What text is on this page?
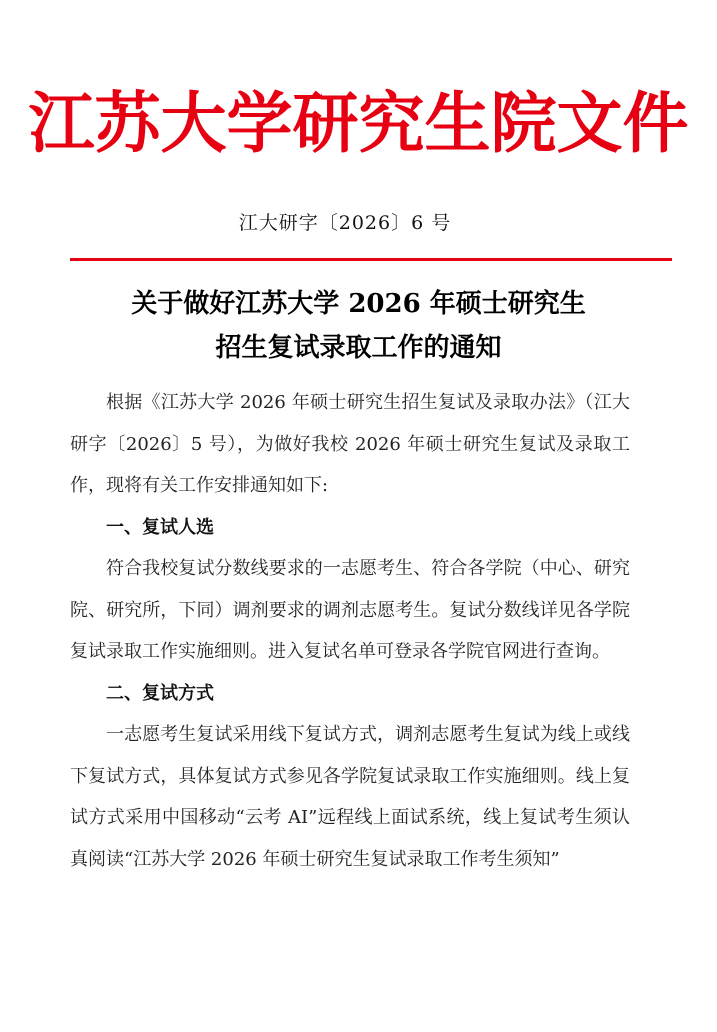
江苏大学研究生院文件
江大研字〔2026〕6 号
关于做好江苏大学 2026 年硕士研究生
招生复试录取工作的通知

根据《江苏大学 2026 年硕士研究生招生复试及录取办法》（江大研字〔2026〕5 号），为做好我校 2026 年硕士研究生复试及录取工作，现将有关工作安排通知如下:

一、复试人选

符合我校复试分数线要求的一志愿考生、符合各学院（中心、研究院、研究所，下同）调剂要求的调剂志愿考生。复试分数线详见各学院复试录取工作实施细则。进入复试名单可登录各学院官网进行查询。

二、复试方式

一志愿考生复试采用线下复试方式，调剂志愿考生复试为线上或线下复试方式，具体复试方式参见各学院复试录取工作实施细则。线上复试方式采用中国移动“云考 AI”远程线上面试系统，线上复试考生须认真阅读“江苏大学 2026 年硕士研究生复试录取工作考生须知”
